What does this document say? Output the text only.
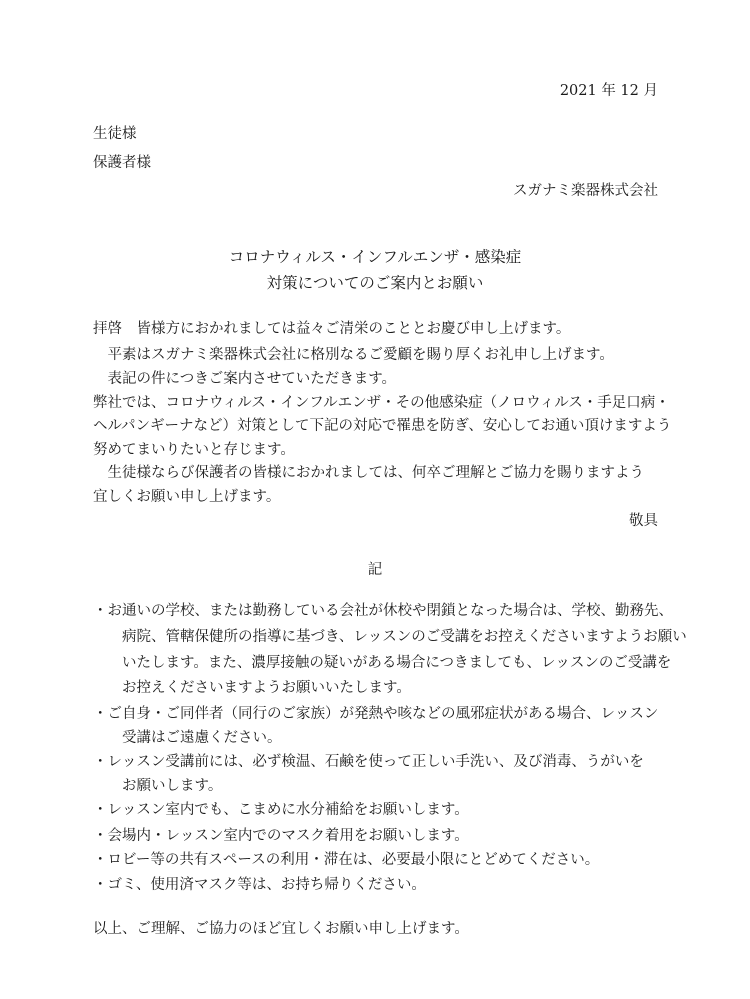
2021 年 12 月
生徒様
保護者様
スガナミ楽器株式会社
コロナウィルス・インフルエンザ・感染症
対策についてのご案内とお願い
拝啓　皆様方におかれましては益々ご清栄のこととお慶び申し上げます。
　平素はスガナミ楽器株式会社に格別なるご愛顧を賜り厚くお礼申し上げます。
　表記の件につきご案内させていただきます。
弊社では、コロナウィルス・インフルエンザ・その他感染症（ノロウィルス・手足口病・
ヘルパンギーナなど）対策として下記の対応で罹患を防ぎ、安心してお通い頂けますよう
努めてまいりたいと存じます。
　生徒様ならび保護者の皆様におかれましては、何卒ご理解とご協力を賜りますよう
宜しくお願い申し上げます。
敬具
記
・お通いの学校、または勤務している会社が休校や閉鎖となった場合は、学校、勤務先、
病院、管轄保健所の指導に基づき、レッスンのご受講をお控えくださいますようお願い
いたします。また、濃厚接触の疑いがある場合につきましても、レッスンのご受講を
お控えくださいますようお願いいたします。
・ご自身・ご同伴者（同行のご家族）が発熱や咳などの風邪症状がある場合、レッスン
受講はご遠慮ください。
・レッスン受講前には、必ず検温、石鹸を使って正しい手洗い、及び消毒、うがいを
お願いします。
・レッスン室内でも、こまめに水分補給をお願いします。
・会場内・レッスン室内でのマスク着用をお願いします。
・ロビー等の共有スペースの利用・滞在は、必要最小限にとどめてください。
・ゴミ、使用済マスク等は、お持ち帰りください。
以上、ご理解、ご協力のほど宜しくお願い申し上げます。
